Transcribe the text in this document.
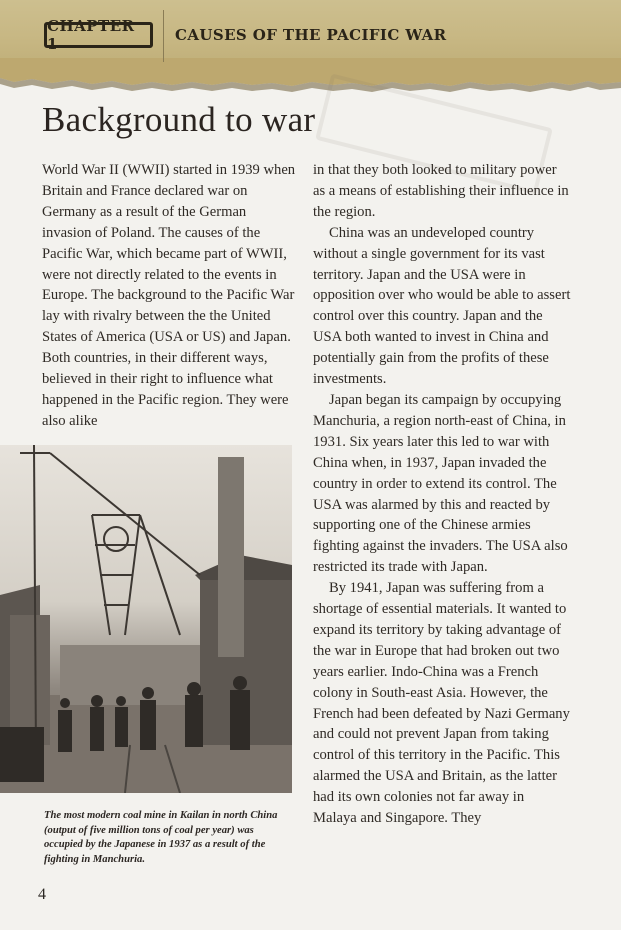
CHAPTER 1	CAUSES OF THE PACIFIC WAR
Background to war

World War II (WWII) started in 1939 when Britain and France declared war on Germany as a result of the German invasion of Poland. The causes of the Pacific War, which became part of WWII, were not directly related to the events in Europe. The background to the Pacific War lay with rivalry between the the United States of America (USA or US) and Japan. Both countries, in their different ways, believed in their right to influence what happened in the Pacific region. They were also alike

in that they both looked to military power as a means of establishing their influence in the region.

China was an undeveloped country without a single government for its vast territory. Japan and the USA were in opposition over who would be able to assert control over this country. Japan and the USA both wanted to invest in China and potentially gain from the profits of these investments.

Japan began its campaign by occupying Manchuria, a region north-east of China, in 1931. Six years later this led to war with China when, in 1937, Japan invaded the country in order to extend its control. The USA was alarmed by this and reacted by supporting one of the Chinese armies fighting against the invaders. The USA also restricted its trade with Japan.

By 1941, Japan was suffering from a shortage of essential materials. It wanted to expand its territory by taking advantage of the war in Europe that had broken out two years earlier. Indo-China was a French colony in South-east Asia. However, the French had been defeated by Nazi Germany and could not prevent Japan from taking control of this territory in the Pacific. This alarmed the USA and Britain, as the latter had its own colonies not far away in Malaya and Singapore. They

The most modern coal mine in Kailan in north China (output of five million tons of coal per year) was occupied by the Japanese in 1937 as a result of the fighting in Manchuria.
4
